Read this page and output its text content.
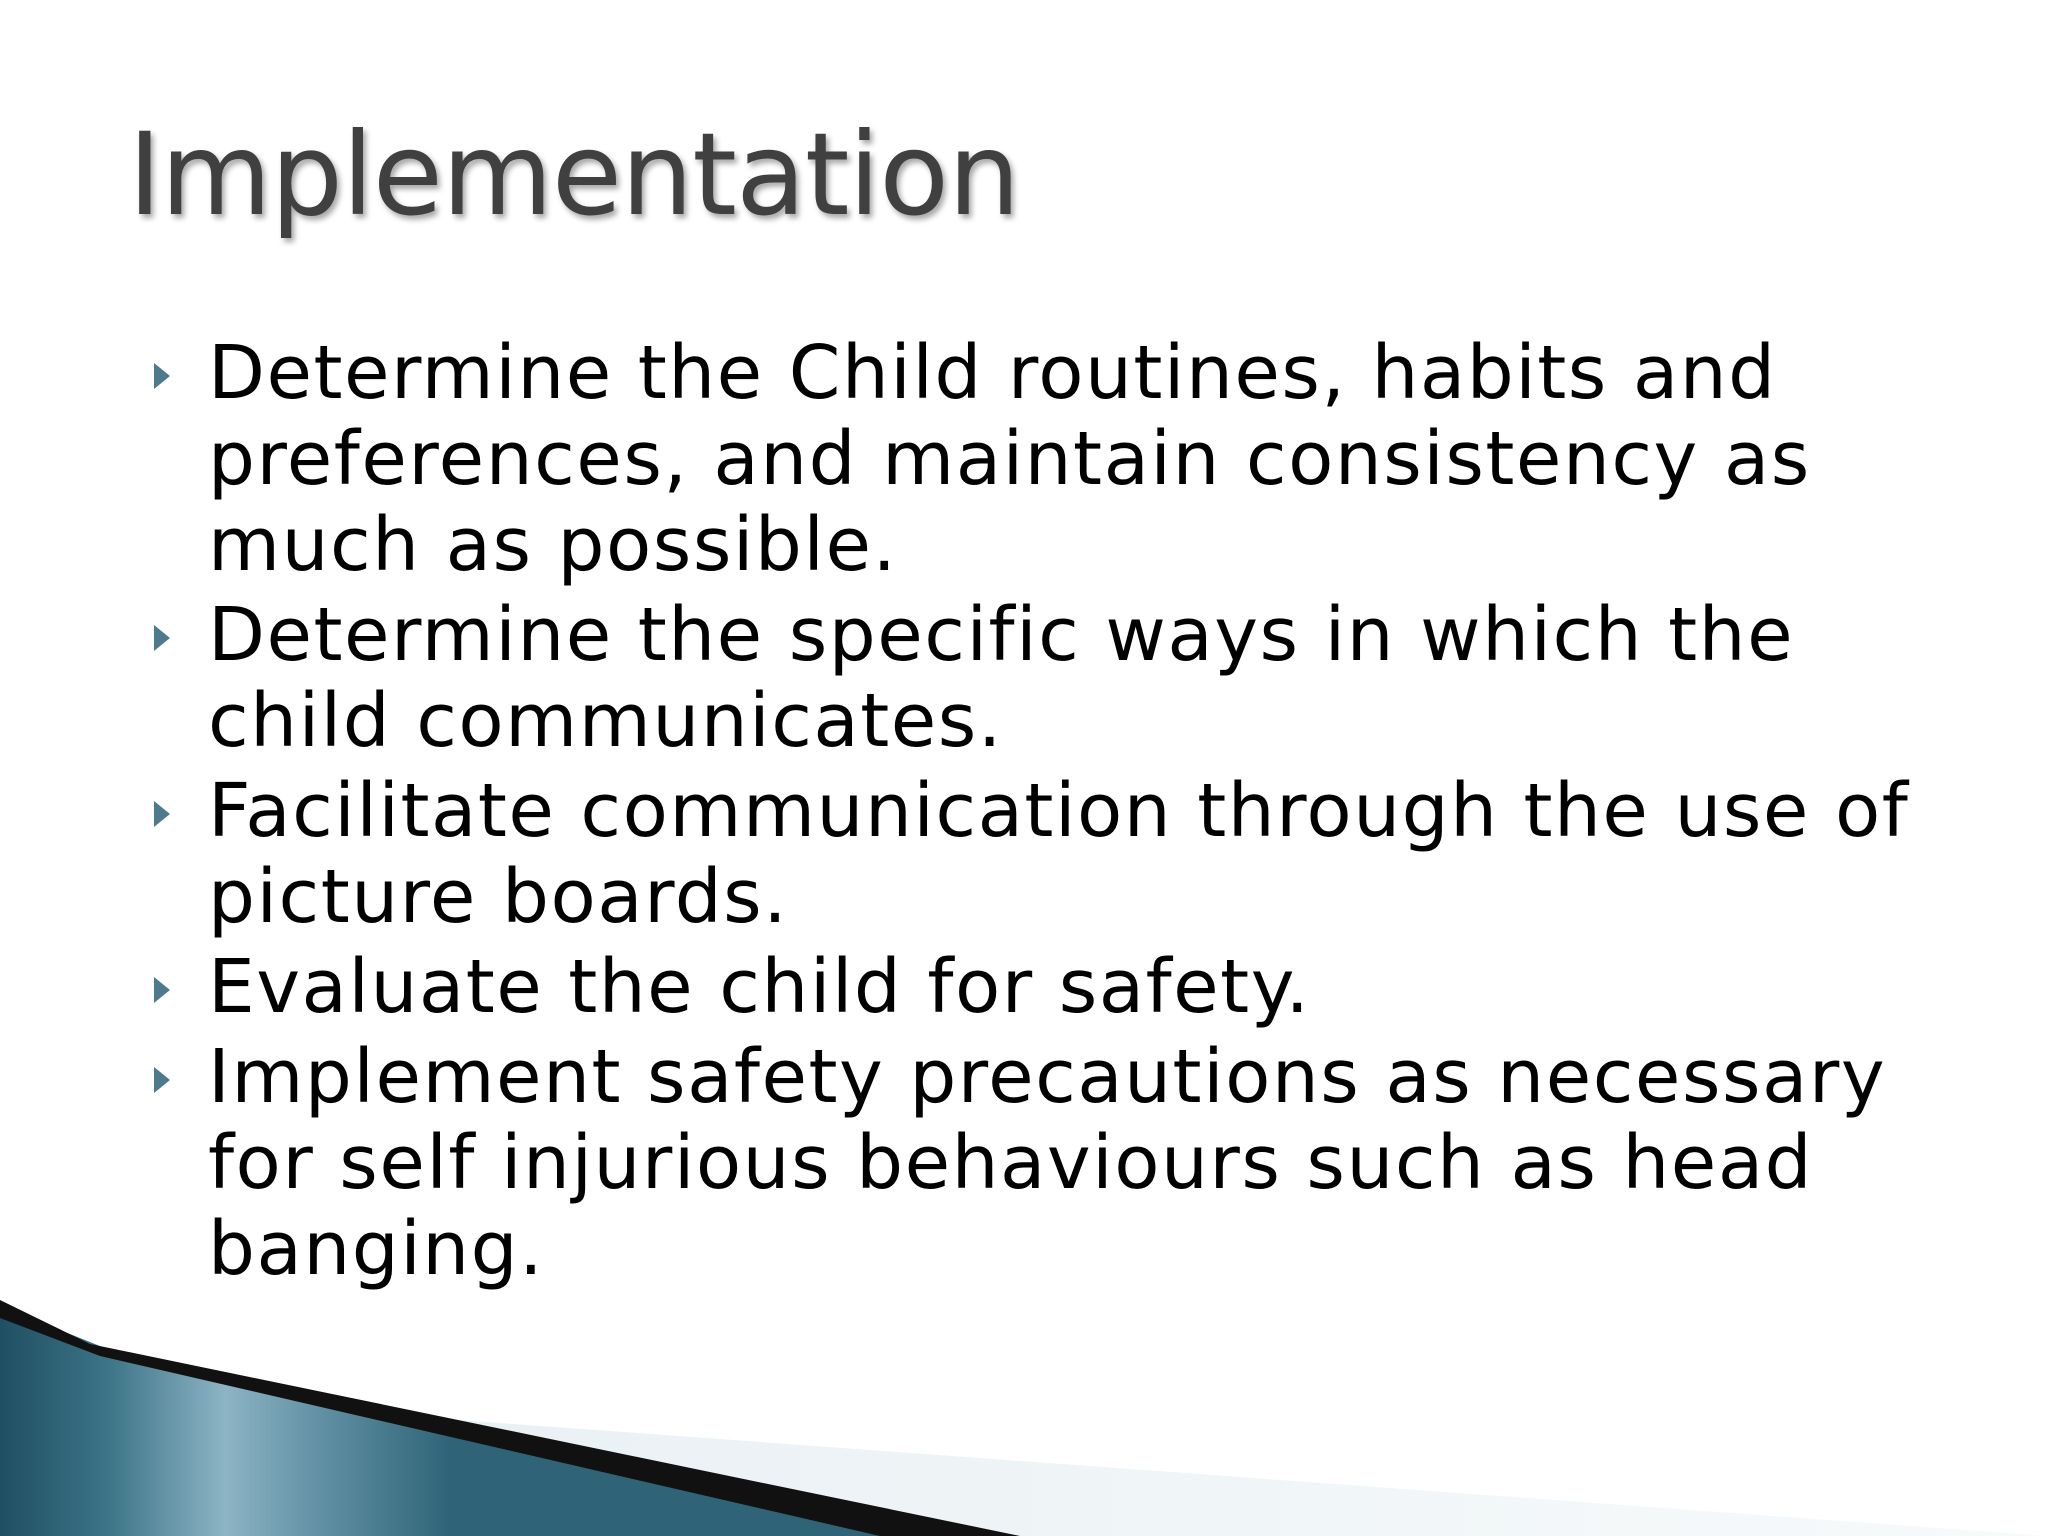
Implementation
Determine the Child routines, habits and preferences, and maintain consistency as much as possible.
Determine the specific ways in which the child communicates.
Facilitate communication through the use of picture boards.
Evaluate the child for safety.
Implement safety precautions as necessary for self injurious behaviours such as head banging.
